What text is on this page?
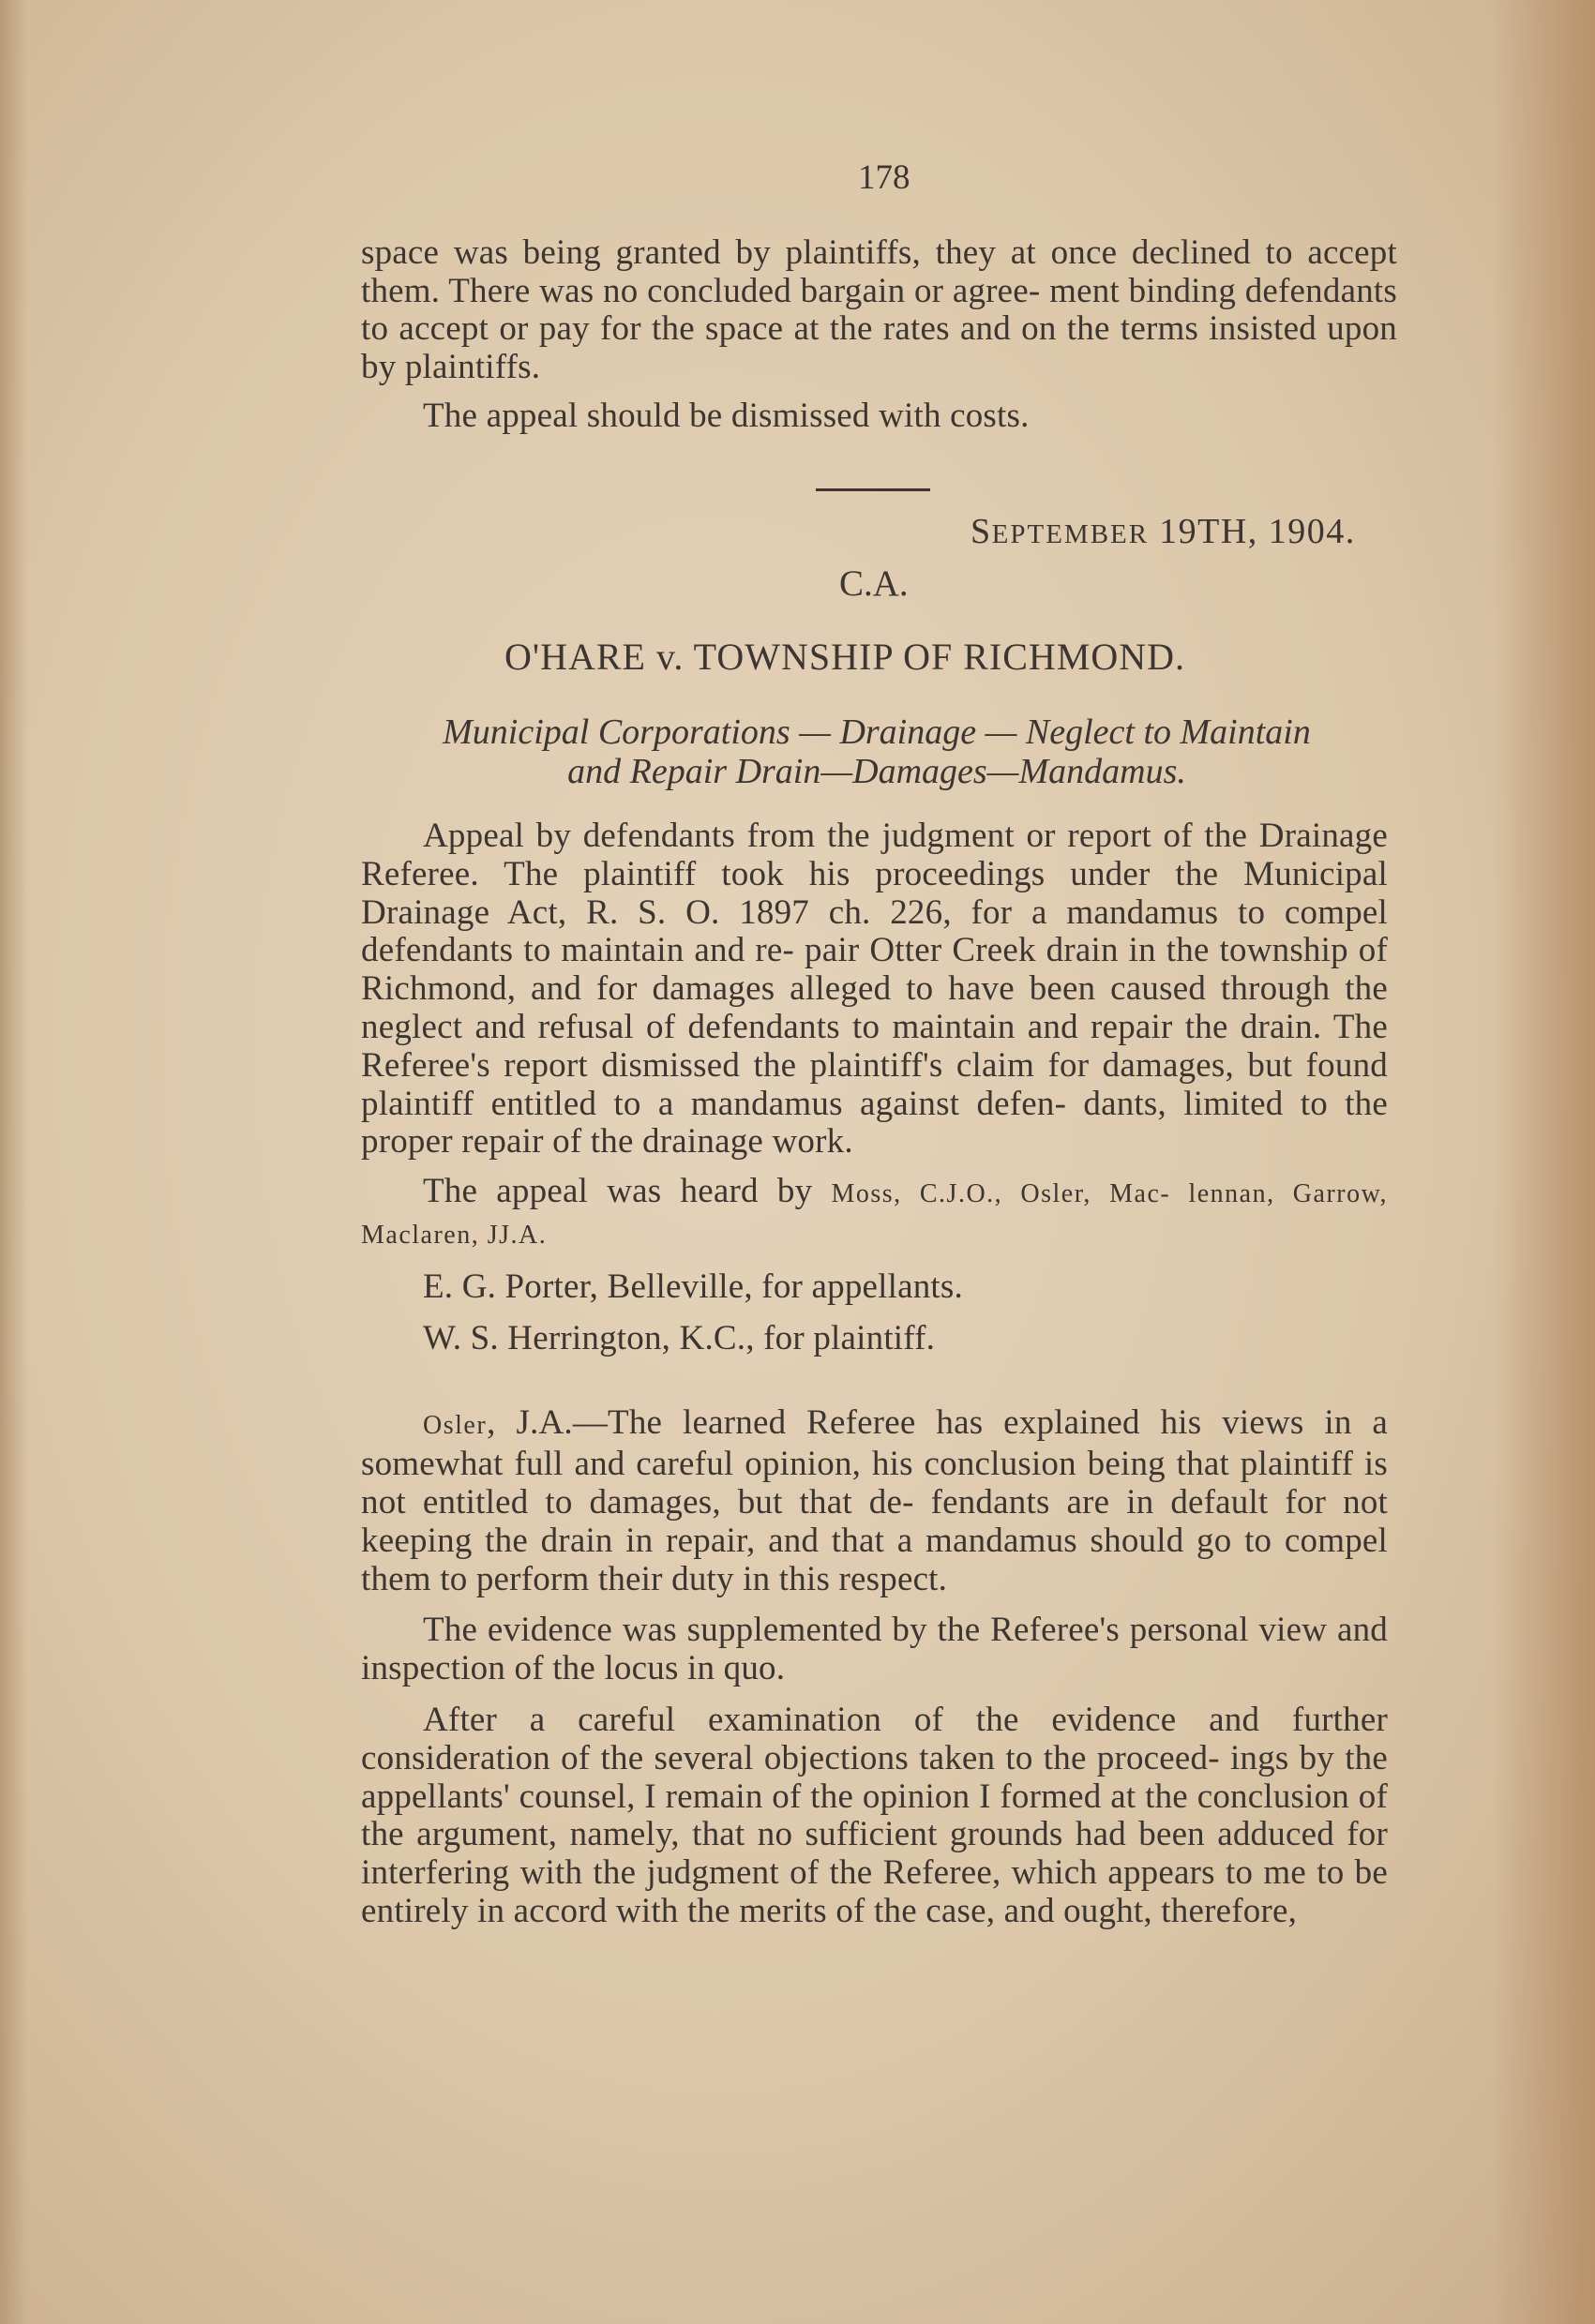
178

space was being granted by plaintiffs, they at once declined to accept them. There was no concluded bargain or agree- ment binding defendants to accept or pay for the space at the rates and on the terms insisted upon by plaintiffs.

The appeal should be dismissed with costs.

SEPTEMBER 19TH, 1904.
C.A.
O'HARE v. TOWNSHIP OF RICHMOND.
Municipal Corporations — Drainage — Neglect to Maintain
and Repair Drain—Damages—Mandamus.

Appeal by defendants from the judgment or report of the Drainage Referee. The plaintiff took his proceedings under the Municipal Drainage Act, R. S. O. 1897 ch. 226, for a mandamus to compel defendants to maintain and re- pair Otter Creek drain in the township of Richmond, and for damages alleged to have been caused through the neglect and refusal of defendants to maintain and repair the drain. The Referee's report dismissed the plaintiff's claim for damages, but found plaintiff entitled to a mandamus against defen- dants, limited to the proper repair of the drainage work.

The appeal was heard by Moss, C.J.O., Osler, Mac- lennan, Garrow, Maclaren, JJ.A.

E. G. Porter, Belleville, for appellants.

W. S. Herrington, K.C., for plaintiff.

Osler, J.A.—The learned Referee has explained his views in a somewhat full and careful opinion, his conclusion being that plaintiff is not entitled to damages, but that de- fendants are in default for not keeping the drain in repair, and that a mandamus should go to compel them to perform their duty in this respect.

The evidence was supplemented by the Referee's personal view and inspection of the locus in quo.

After a careful examination of the evidence and further consideration of the several objections taken to the proceed- ings by the appellants' counsel, I remain of the opinion I formed at the conclusion of the argument, namely, that no sufficient grounds had been adduced for interfering with the judgment of the Referee, which appears to me to be entirely in accord with the merits of the case, and ought, therefore,
